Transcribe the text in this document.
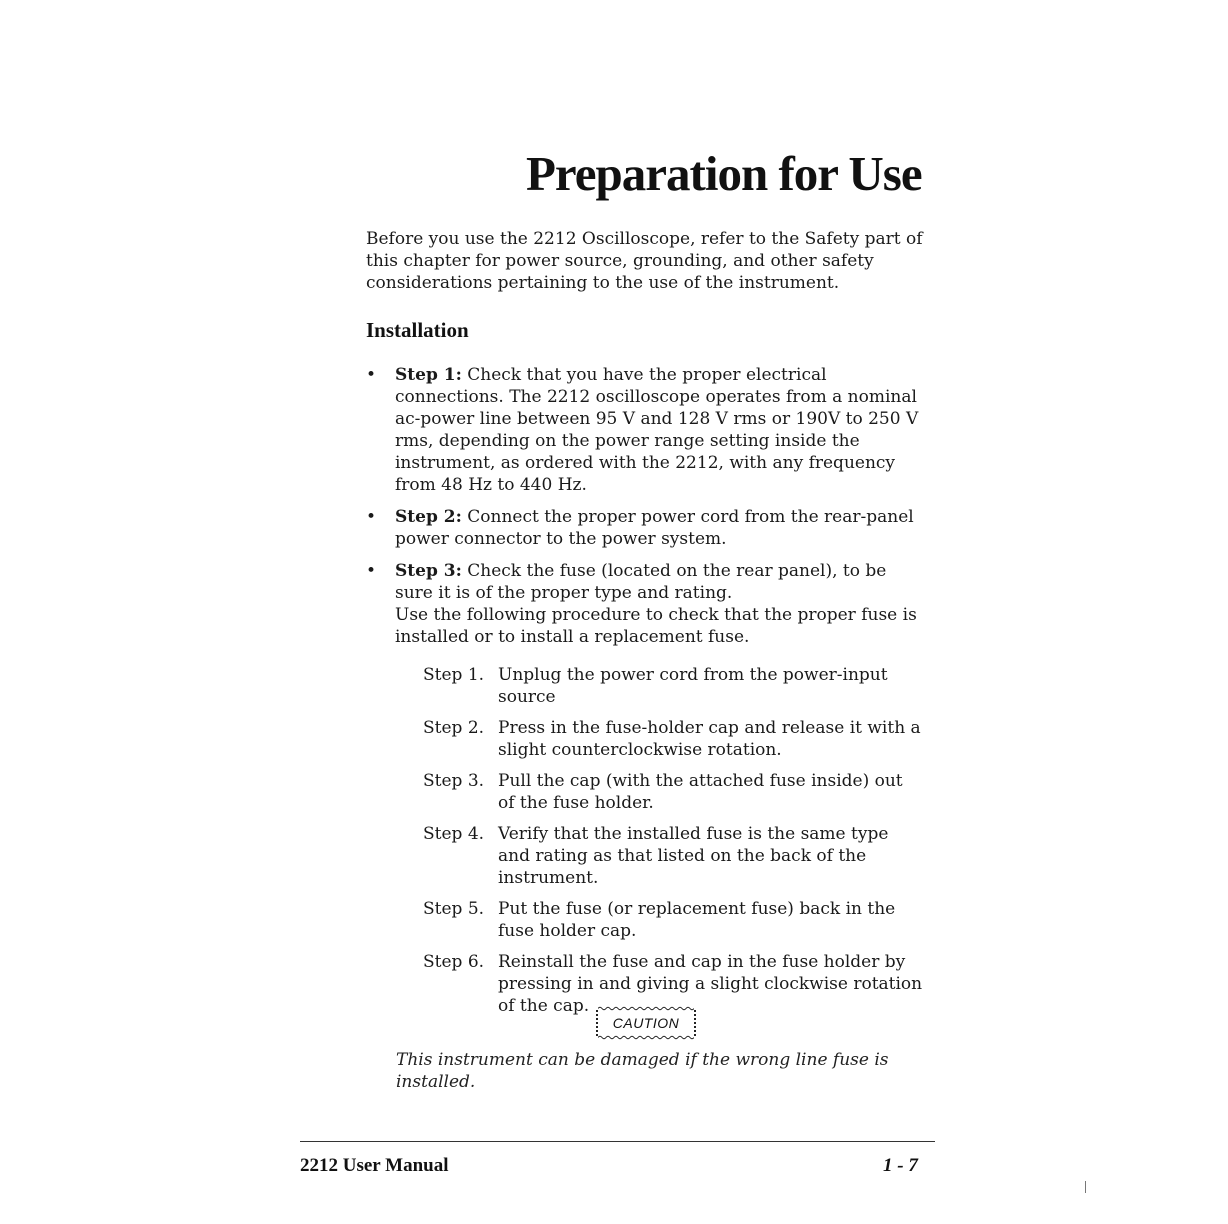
Preparation for Use

Before you use the 2212 Oscilloscope, refer to the Safety part of this chapter for power source, grounding, and other safety considerations pertaining to the use of the instrument.

Installation
• Step 1: Check that you have the proper electrical connections. The 2212 oscilloscope operates from a nominal ac-power line between 95 V and 128 V rms or 190V to 250 V rms, depending on the power range setting inside the instrument, as ordered with the 2212, with any frequency from 48 Hz to 440 Hz.
• Step 2: Connect the proper power cord from the rear-panel power connector to the power system.
• Step 3: Check the fuse (located on the rear panel), to be sure it is of the proper type and rating.
Use the following procedure to check that the proper fuse is installed or to install a replacement fuse.
Step 1. Unplug the power cord from the power-input source
Step 2. Press in the fuse-holder cap and release it with a slight counterclockwise rotation.
Step 3. Pull the cap (with the attached fuse inside) out of the fuse holder.
Step 4. Verify that the installed fuse is the same type and rating as that listed on the back of the instrument.
Step 5. Put the fuse (or replacement fuse) back in the fuse holder cap.
Step 6. Reinstall the fuse and cap in the fuse holder by pressing in and giving a slight clockwise rotation of the cap.
CAUTION
This instrument can be damaged if the wrong line fuse is installed.
2212 User Manual	1 - 7
